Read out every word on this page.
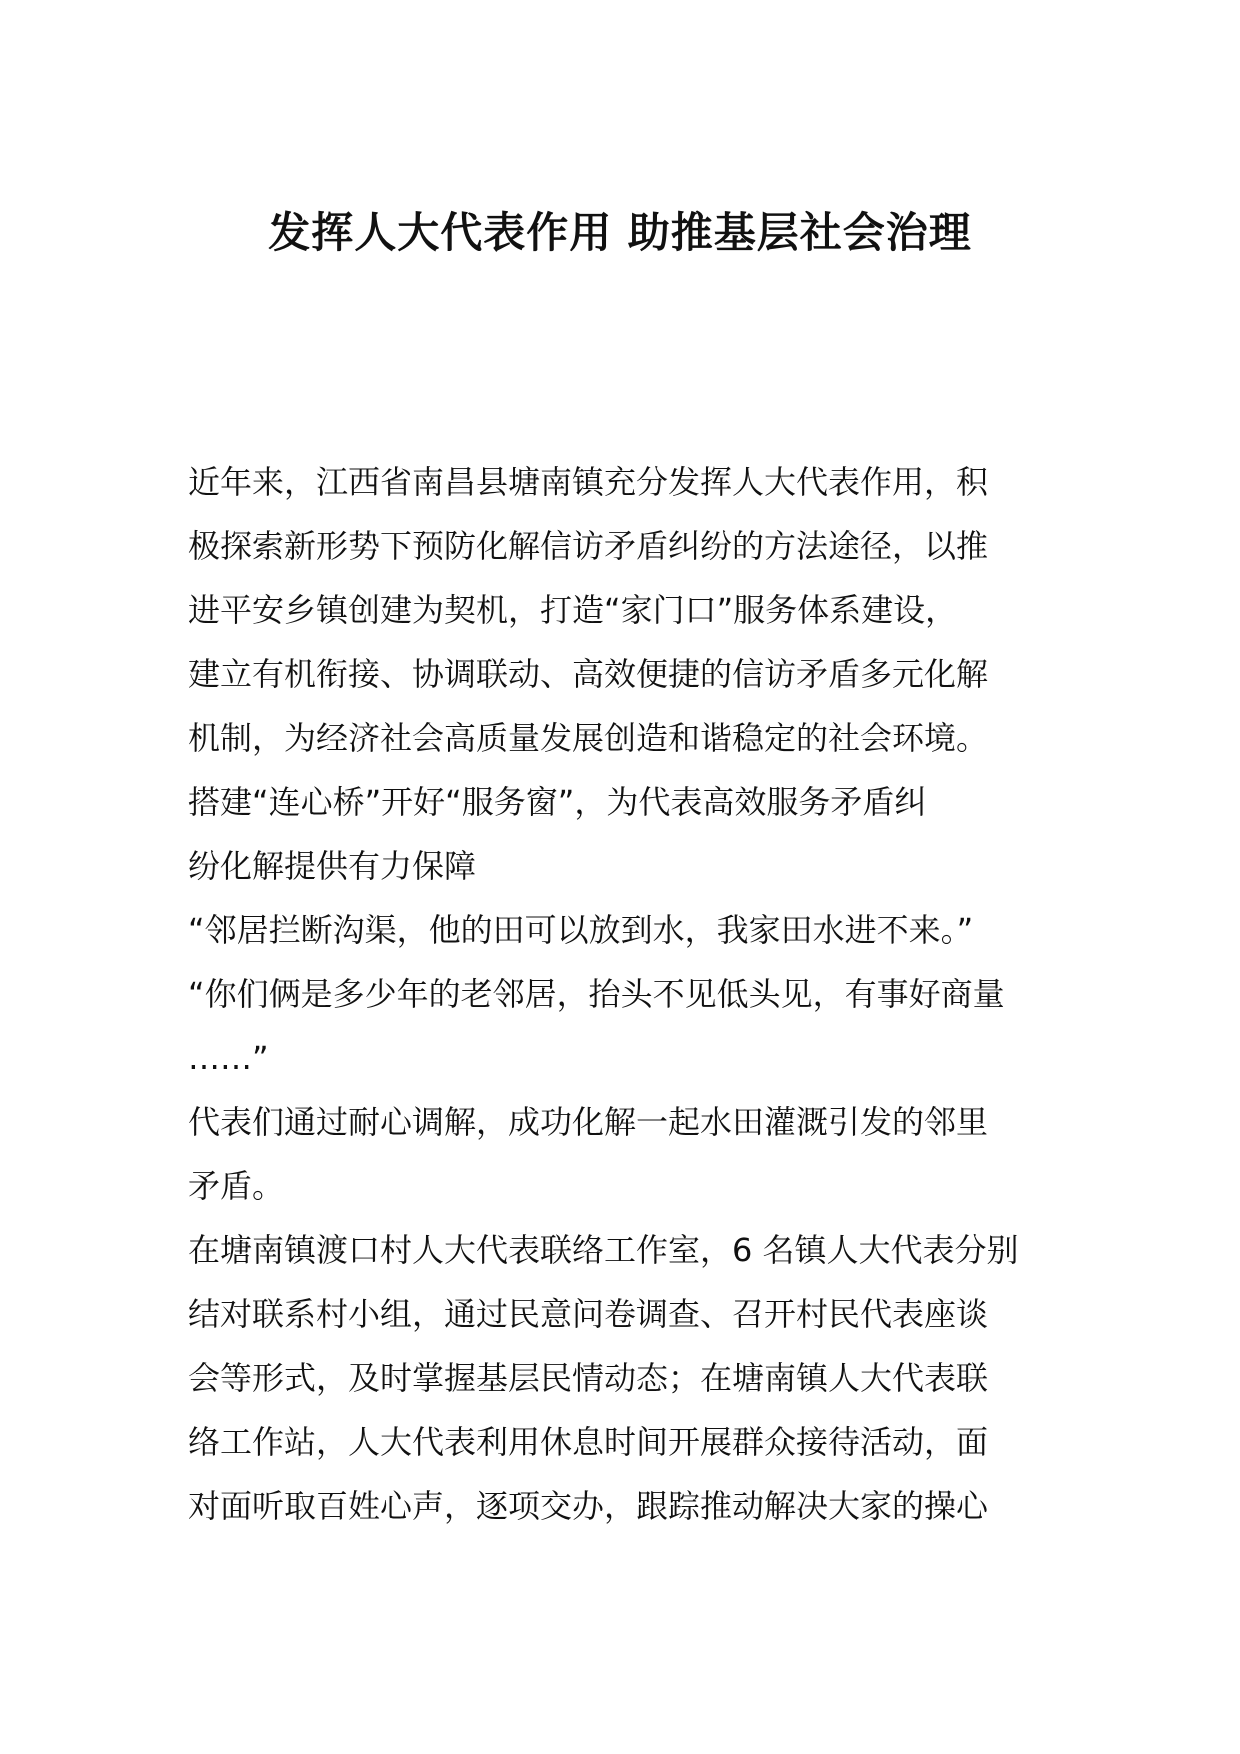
发挥人大代表作用 助推基层社会治理
近年来，江西省南昌县塘南镇充分发挥人大代表作用，积
极探索新形势下预防化解信访矛盾纠纷的方法途径，以推
进平安乡镇创建为契机，打造“家门口”服务体系建设，
建立有机衔接、协调联动、高效便捷的信访矛盾多元化解
机制，为经济社会高质量发展创造和谐稳定的社会环境。
搭建“连心桥”开好“服务窗”，为代表高效服务矛盾纠
纷化解提供有力保障
“邻居拦断沟渠，他的田可以放到水，我家田水进不来。”
“你们俩是多少年的老邻居，抬头不见低头见，有事好商量
……”
代表们通过耐心调解，成功化解一起水田灌溉引发的邻里
矛盾。
在塘南镇渡口村人大代表联络工作室，6 名镇人大代表分别
结对联系村小组，通过民意问卷调查、召开村民代表座谈
会等形式，及时掌握基层民情动态；在塘南镇人大代表联
络工作站，人大代表利用休息时间开展群众接待活动，面
对面听取百姓心声，逐项交办，跟踪推动解决大家的操心
